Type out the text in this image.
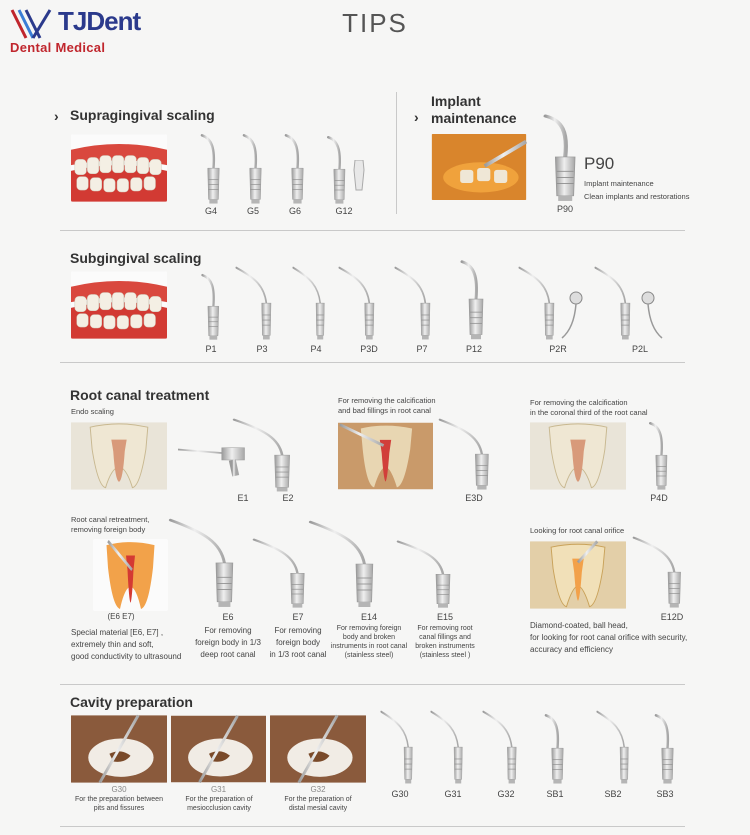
TJDent
Dental Medical
TIPS
› Supragingival scaling
G4	G5	G6	G12
›
Implant
maintenance
P90
P90
Implant maintenance
Clean implants and restorations
Subgingival scaling
P1	P3	P4	P3D	P7	P12	P2R	P2L
Root canal treatment
Endo scaling
E1	E2
For removing the calcification
and bad fillings in root canal
E3D
For removing the calcification
in the coronal third of the root canal
P4D
Root canal retreatment,
removing foreign body
(E6 E7)
Special material [E6, E7] ,
extremely thin and soft,
good conductivity to ultrasound
E6
For removing
foreign body in 1/3
deep root canal
E7
For removing
foreign body
in 1/3 root canal
E14
For removing foreign
body and broken
instruments in root canal
(stainless steel)
E15
For removing root
canal fillings and
broken instruments
(stainless steel )
Looking for root canal orifice
E12D
Diamond-coated, ball head,
for looking for root canal orifice with security,
accuracy and efficiency
Cavity preparation
G30
For the preparation between
pits and fissures
G31
For the preparation of
mesiocclusion cavity
G32
For the preparation of
distal mesial cavity
G30	G31	G32	SB1	SB2	SB3
